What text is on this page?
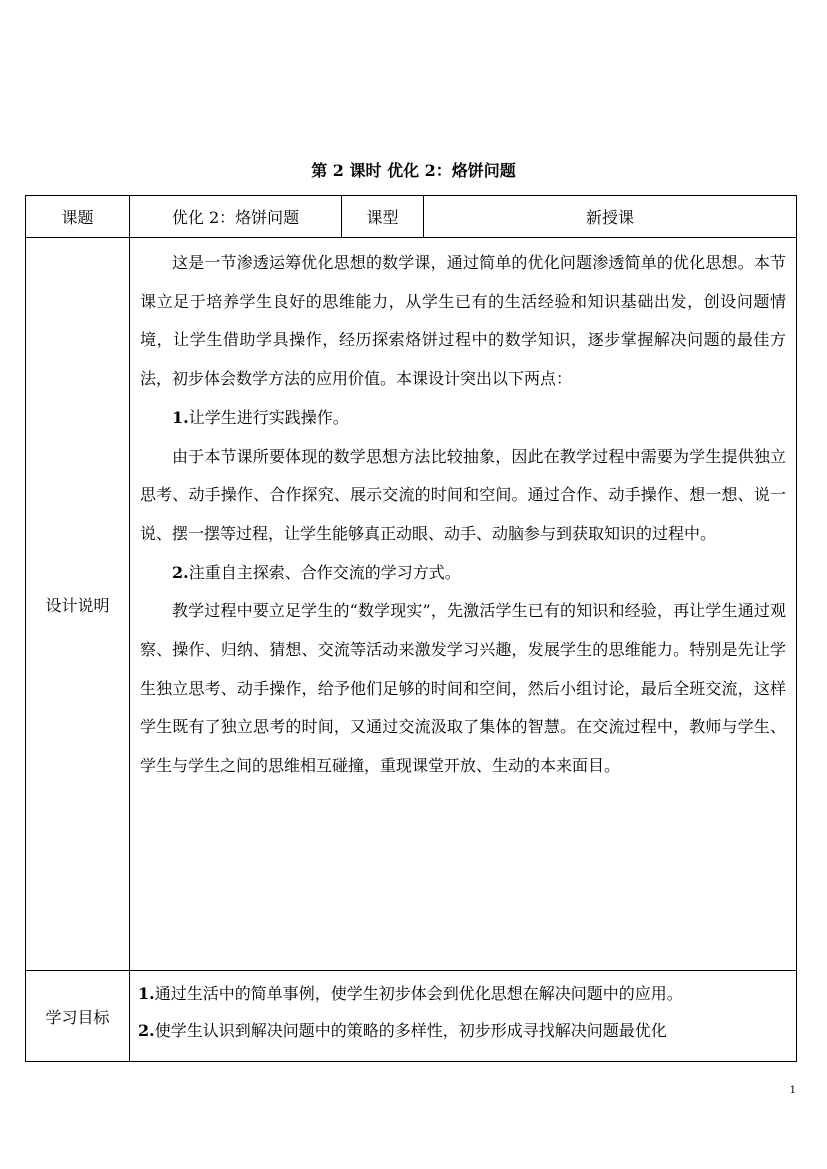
第 2 课时 优化 2：烙饼问题
课题	优化 2：烙饼问题	课型	新授课
设计说明	这是一节渗透运筹优化思想的数学课，通过简单的优化问题渗透简单的优化思想。本节课立足于培养学生良好的思维能力，从学生已有的生活经验和知识基础出发，创设问题情境，让学生借助学具操作，经历探索烙饼过程中的数学知识，逐步掌握解决问题的最佳方法，初步体会数学方法的应用价值。本课设计突出以下两点：

1.让学生进行实践操作。

由于本节课所要体现的数学思想方法比较抽象，因此在教学过程中需要为学生提供独立思考、动手操作、合作探究、展示交流的时间和空间。通过合作、动手操作、想一想、说一说、摆一摆等过程，让学生能够真正动眼、动手、动脑参与到获取知识的过程中。

2.注重自主探索、合作交流的学习方式。

教学过程中要立足学生的“数学现实”，先激活学生已有的知识和经验，再让学生通过观察、操作、归纳、猜想、交流等活动来激发学习兴趣，发展学生的思维能力。特别是先让学生独立思考、动手操作，给予他们足够的时间和空间，然后小组讨论，最后全班交流，这样学生既有了独立思考的时间，又通过交流汲取了集体的智慧。在交流过程中，教师与学生、学生与学生之间的思维相互碰撞，重现课堂开放、生动的本来面目。		

学习目标	1.通过生活中的简单事例，使学生初步体会到优化思想在解决问题中的应用。

2.使学生认识到解决问题中的策略的多样性，初步形成寻找解决问题最优化		

1
